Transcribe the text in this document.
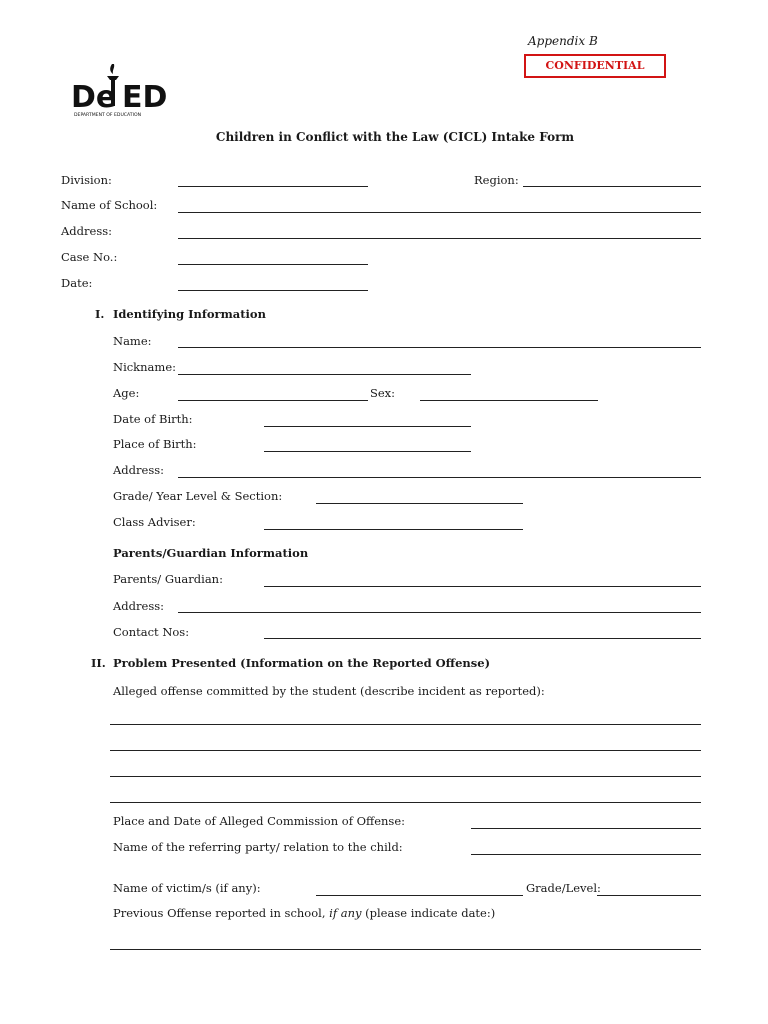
Appendix B
CONFIDENTIAL
De ED
DEPARTMENT OF EDUCATION
Children in Conflict with the Law (CICL) Intake Form
Division:	Region:
Name of School:
Address:
Case No.:
Date:
I. Identifying Information
Name:
Nickname:
Age:	Sex:
Date of Birth:
Place of Birth:
Address:
Grade/ Year Level & Section:
Class Adviser:
Parents/Guardian Information
Parents/ Guardian:
Address:
Contact Nos:
II. Problem Presented (Information on the Reported Offense)
Alleged offense committed by the student (describe incident as reported):
Place and Date of Alleged Commission of Offense:
Name of the referring party/ relation to the child:
Name of victim/s (if any):	Grade/Level:
Previous Offense reported in school, if any (please indicate date:)
